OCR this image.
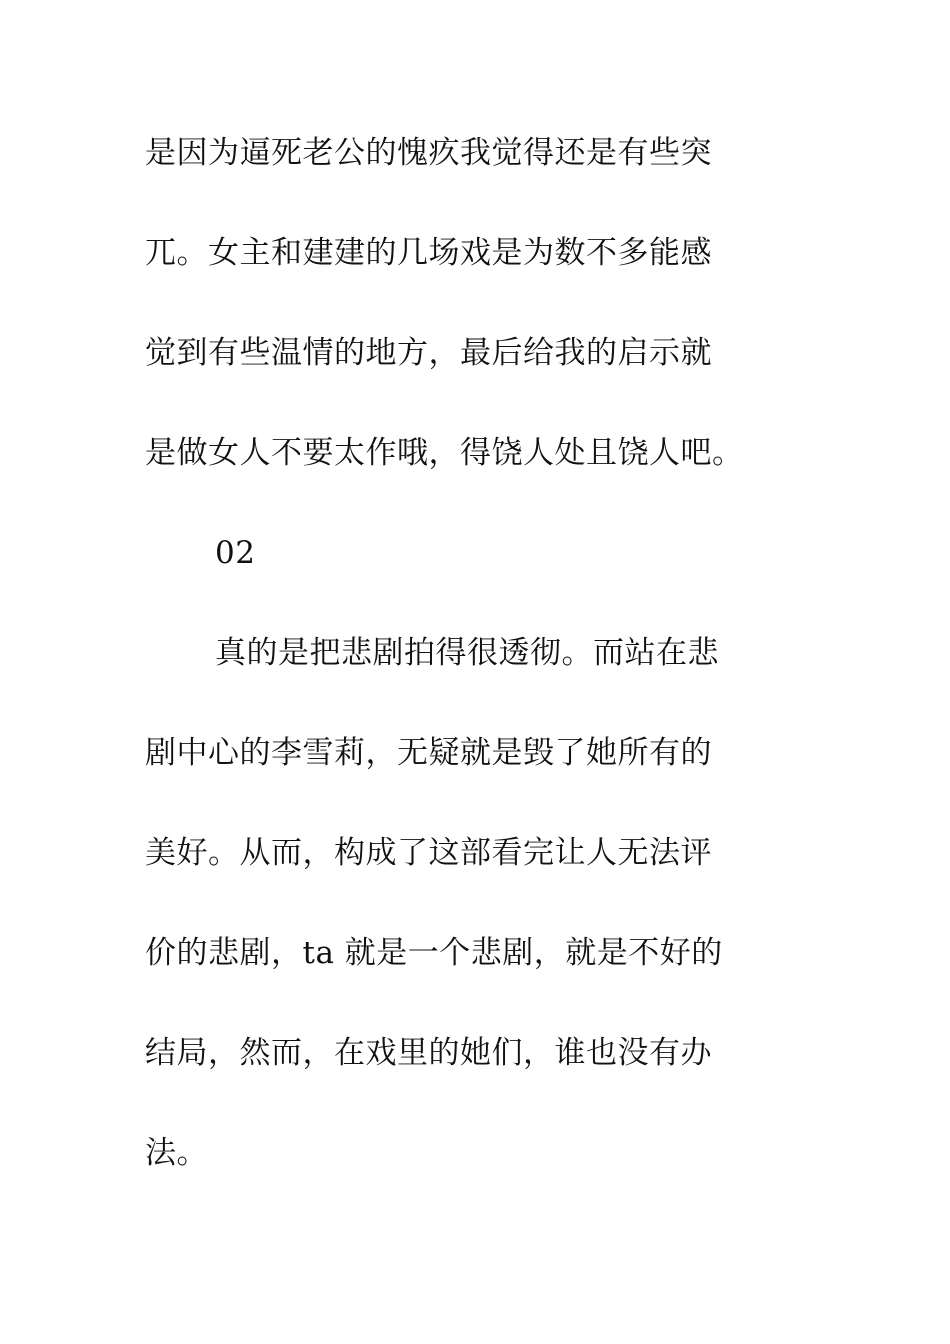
是因为逼死老公的愧疚我觉得还是有些突
兀。女主和建建的几场戏是为数不多能感
觉到有些温情的地方，最后给我的启示就
是做女人不要太作哦，得饶人处且饶人吧。
02
真的是把悲剧拍得很透彻。而站在悲
剧中心的李雪莉，无疑就是毁了她所有的
美好。从而，构成了这部看完让人无法评
价的悲剧，ta 就是一个悲剧，就是不好的
结局，然而，在戏里的她们，谁也没有办
法。
